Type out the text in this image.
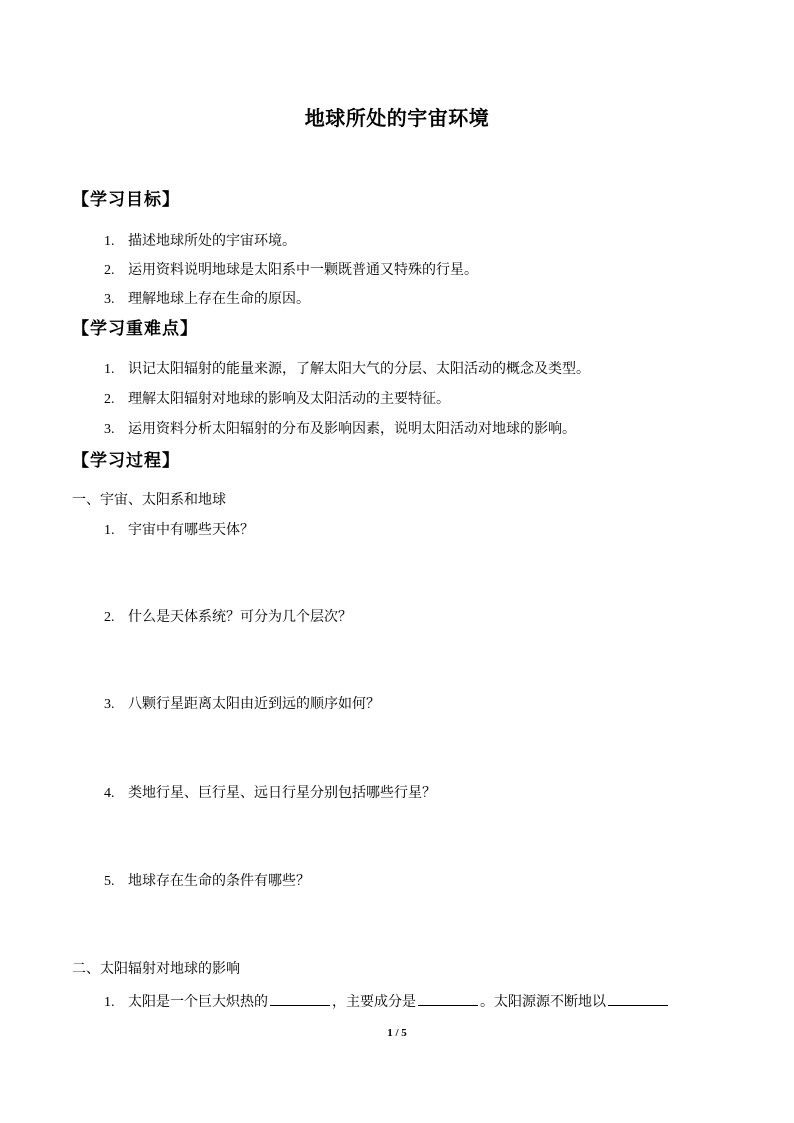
地球所处的宇宙环境
【学习目标】
1. 描述地球所处的宇宙环境。
2. 运用资料说明地球是太阳系中一颗既普通又特殊的行星。
3. 理解地球上存在生命的原因。
【学习重难点】
1. 识记太阳辐射的能量来源，了解太阳大气的分层、太阳活动的概念及类型。
2. 理解太阳辐射对地球的影响及太阳活动的主要特征。
3. 运用资料分析太阳辐射的分布及影响因素，说明太阳活动对地球的影响。
【学习过程】
一、宇宙、太阳系和地球
1. 宇宙中有哪些天体？
2. 什么是天体系统？可分为几个层次？
3. 八颗行星距离太阳由近到远的顺序如何？
4. 类地行星、巨行星、远日行星分别包括哪些行星？
5. 地球存在生命的条件有哪些？
二、太阳辐射对地球的影响
1. 太阳是一个巨大炽热的	，主要成分是	。太阳源源不断地以
1 / 5
